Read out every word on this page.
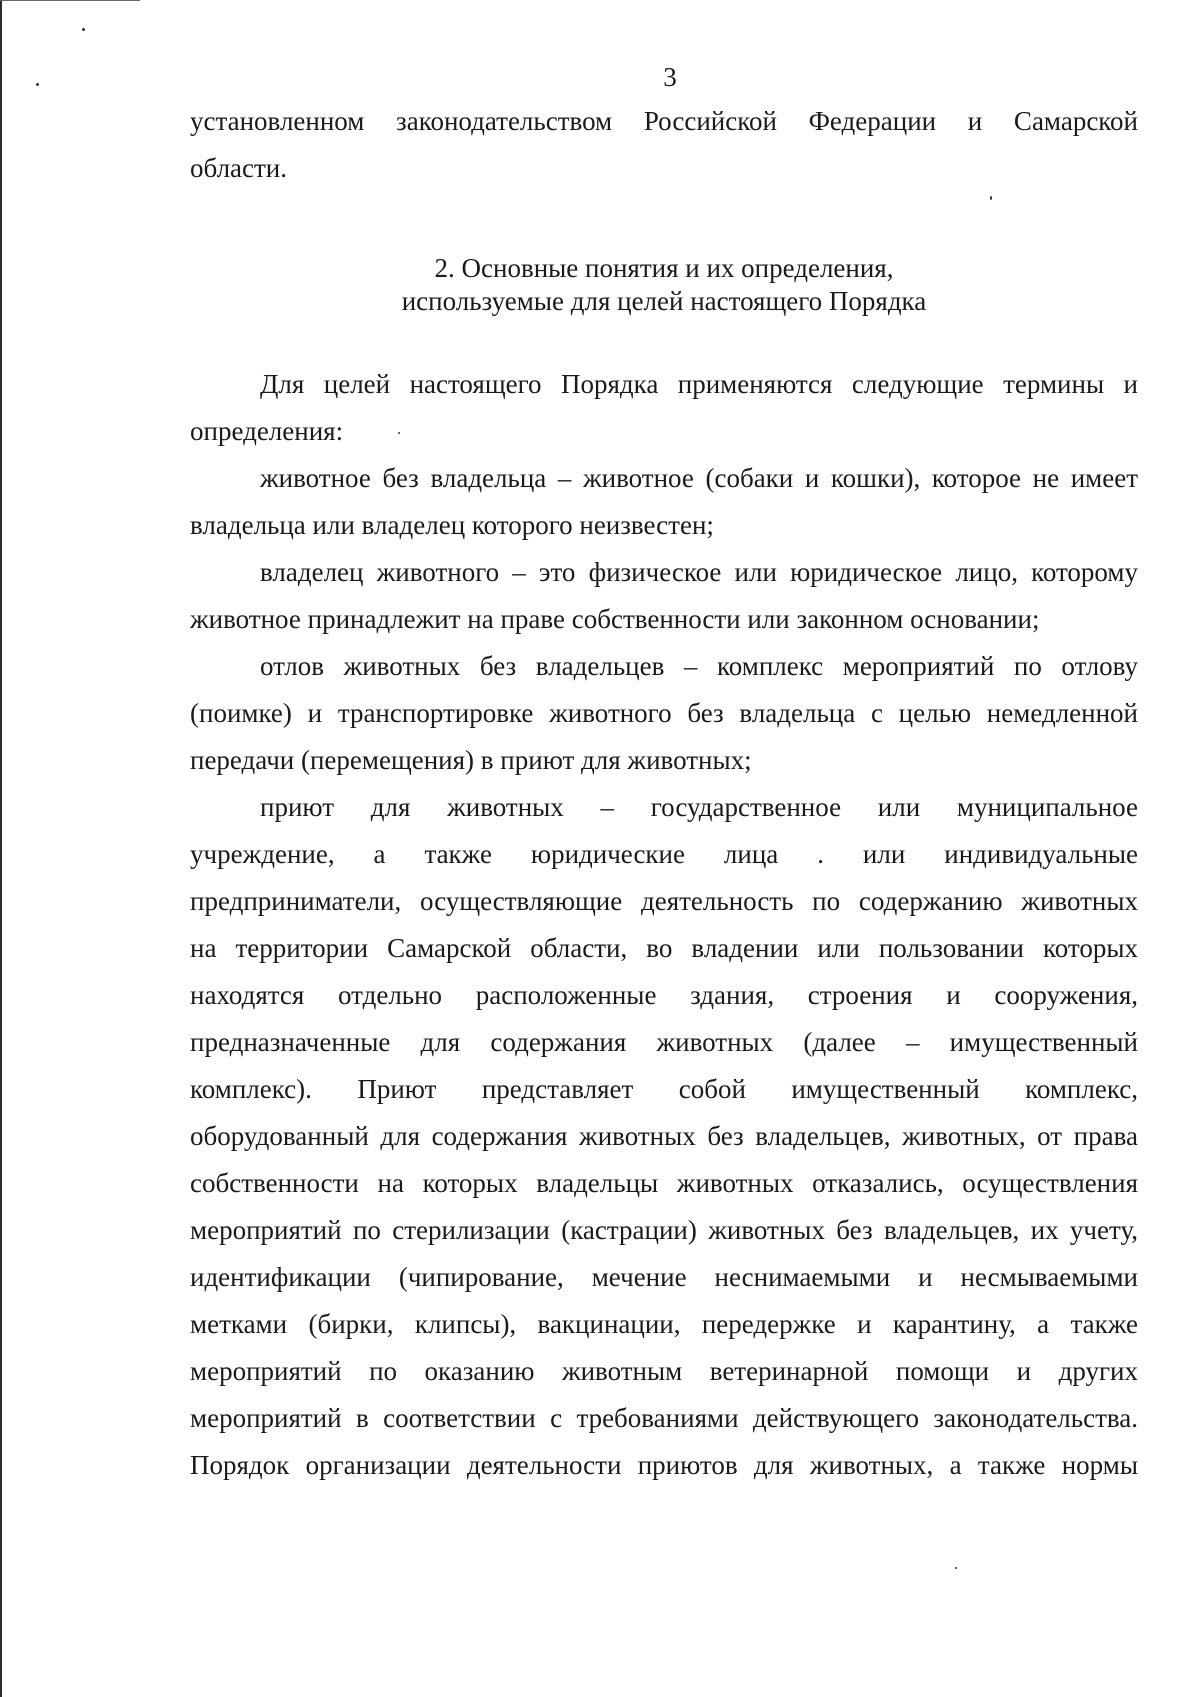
3
установленном законодательством Российской Федерации и Самарской
области.
2. Основные понятия и их определения,
используемые для целей настоящего Порядка
Для целей настоящего Порядка применяются следующие термины и
определения:
животное без владельца – животное (собаки и кошки), которое не имеет
владельца или владелец которого неизвестен;
владелец животного – это физическое или юридическое лицо, которому
животное принадлежит на праве собственности или законном основании;
отлов животных без владельцев – комплекс мероприятий по отлову
(поимке) и транспортировке животного без владельца с целью немедленной
передачи (перемещения) в приют для животных;
приют для животных – государственное или муниципальное
учреждение, а также юридические лица . или индивидуальные
предприниматели, осуществляющие деятельность по содержанию животных
на территории Самарской области, во владении или пользовании которых
находятся отдельно расположенные здания, строения и сооружения,
предназначенные для содержания животных (далее – имущественный
комплекс). Приют представляет собой имущественный комплекс,
оборудованный для содержания животных без владельцев, животных, от права
собственности на которых владельцы животных отказались, осуществления
мероприятий по стерилизации (кастрации) животных без владельцев, их учету,
идентификации (чипирование, мечение неснимаемыми и несмываемыми
метками (бирки, клипсы), вакцинации, передержке и карантину, а также
мероприятий по оказанию животным ветеринарной помощи и других
мероприятий в соответствии с требованиями действующего законодательства.
Порядок организации деятельности приютов для животных, а также нормы
